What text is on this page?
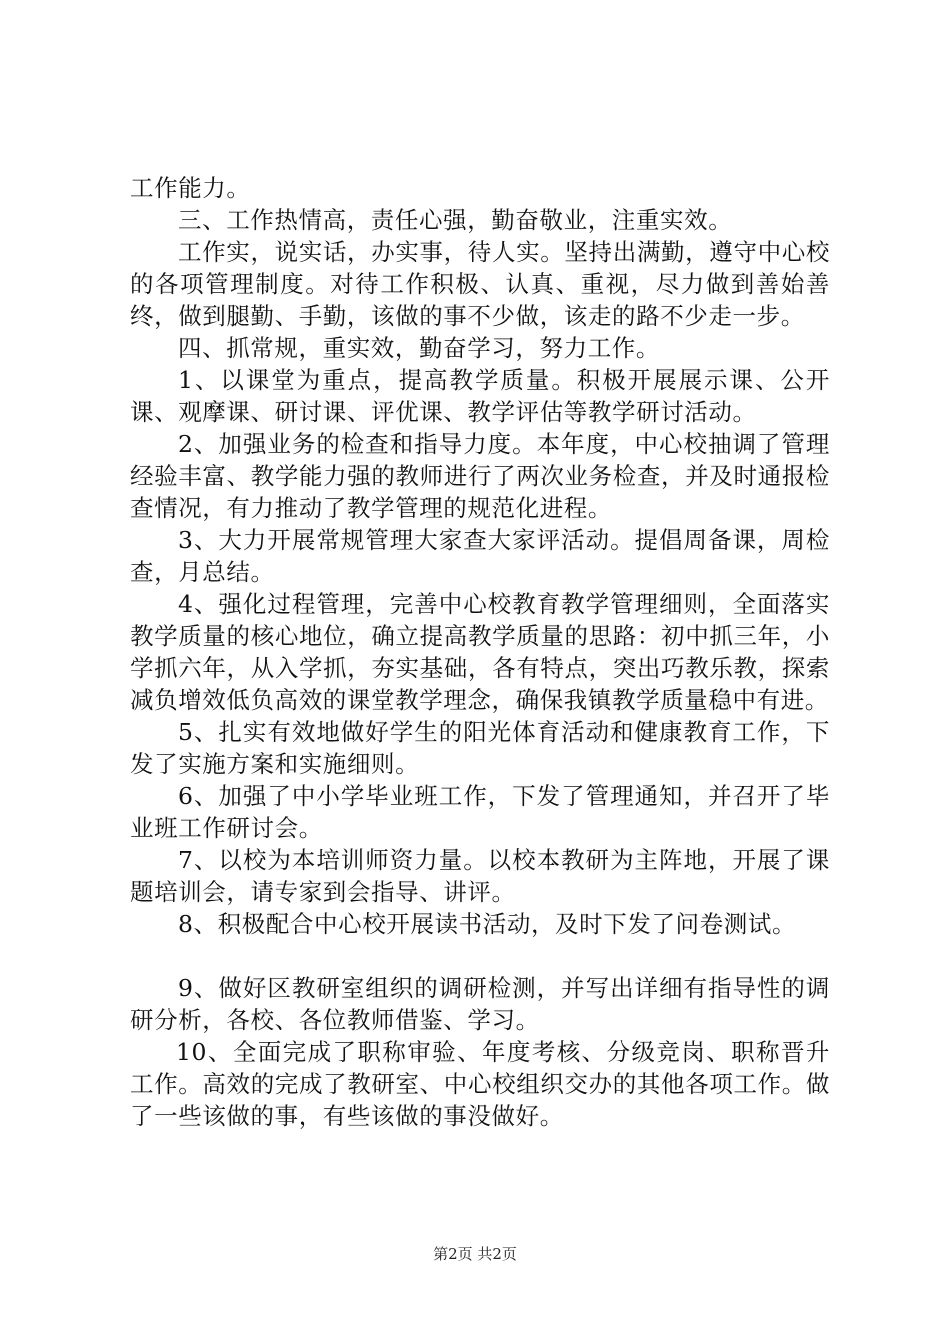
工作能力。

三、工作热情高，责任心强，勤奋敬业，注重实效。

工作实，说实话，办实事，待人实。坚持出满勤，遵守中心校的各项管理制度。对待工作积极、认真、重视，尽力做到善始善终，做到腿勤、手勤，该做的事不少做，该走的路不少走一步。

四、抓常规，重实效，勤奋学习，努力工作。

1、以课堂为重点，提高教学质量。积极开展展示课、公开课、观摩课、研讨课、评优课、教学评估等教学研讨活动。

2、加强业务的检查和指导力度。本年度，中心校抽调了管理经验丰富、教学能力强的教师进行了两次业务检查，并及时通报检查情况，有力推动了教学管理的规范化进程。

3、大力开展常规管理大家查大家评活动。提倡周备课，周检查，月总结。

4、强化过程管理，完善中心校教育教学管理细则，全面落实教学质量的核心地位，确立提高教学质量的思路：初中抓三年，小学抓六年，从入学抓，夯实基础，各有特点，突出巧教乐教，探索减负增效低负高效的课堂教学理念，确保我镇教学质量稳中有进。

5、扎实有效地做好学生的阳光体育活动和健康教育工作，下发了实施方案和实施细则。

6、加强了中小学毕业班工作，下发了管理通知，并召开了毕业班工作研讨会。

7、以校为本培训师资力量。以校本教研为主阵地，开展了课题培训会，请专家到会指导、讲评。

8、积极配合中心校开展读书活动，及时下发了问卷测试。

9、做好区教研室组织的调研检测，并写出详细有指导性的调研分析，各校、各位教师借鉴、学习。

10、全面完成了职称审验、年度考核、分级竞岗、职称晋升工作。高效的完成了教研室、中心校组织交办的其他各项工作。做了一些该做的事，有些该做的事没做好。

第2页 共2页
